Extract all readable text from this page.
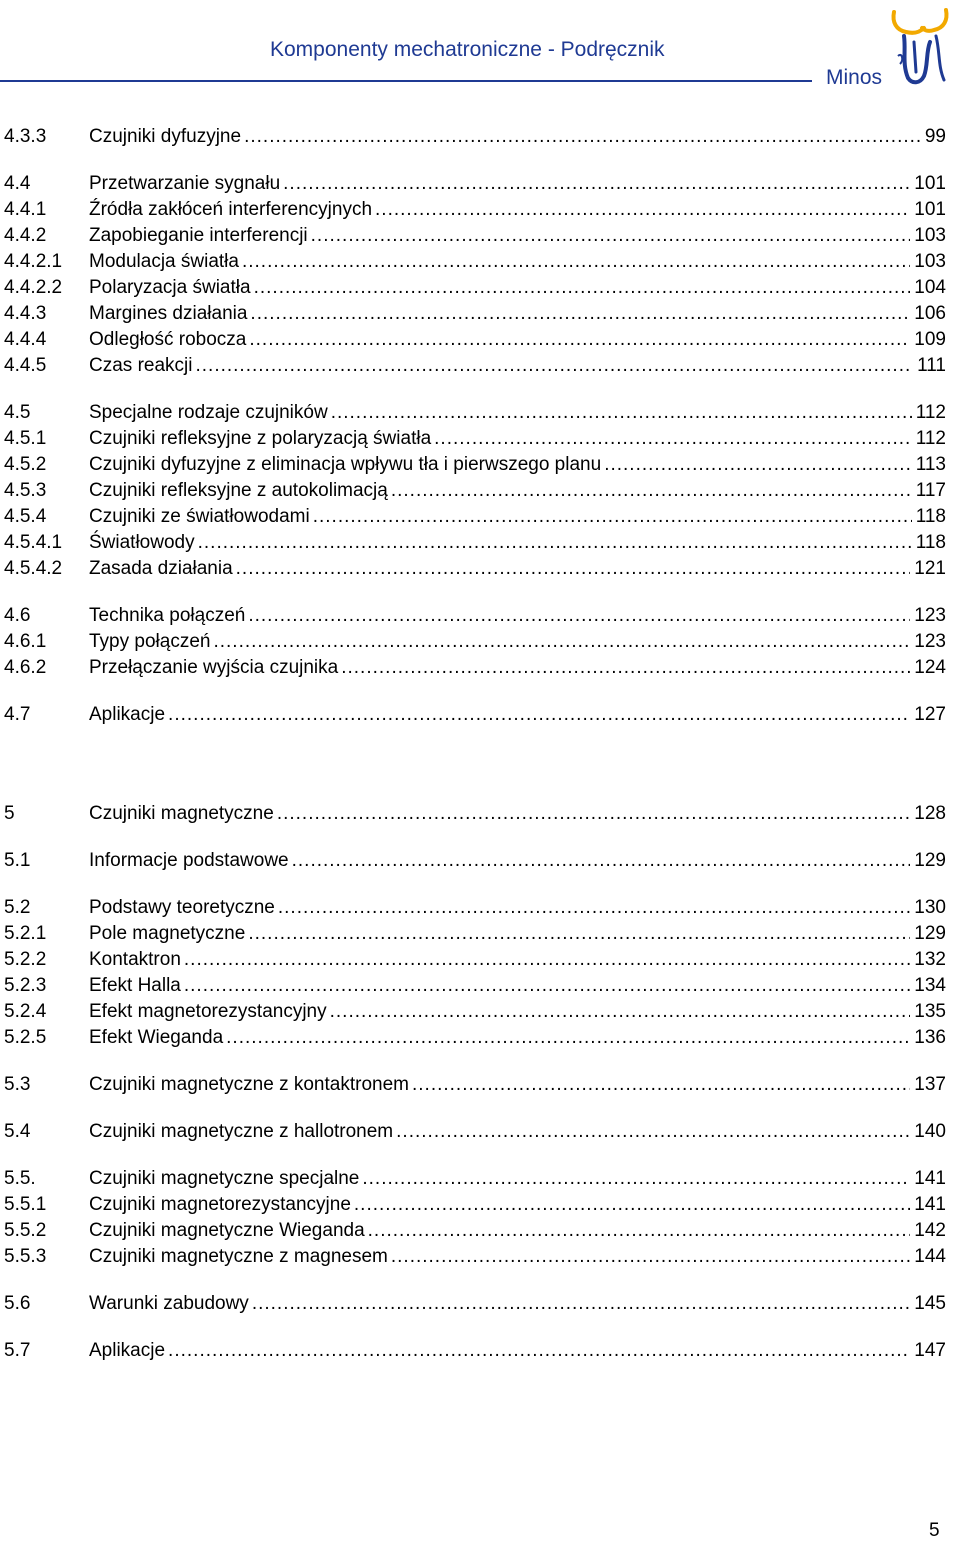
Komponenty mechatroniczne - Podręcznik
Minos
4.3.3	Czujniki dyfuzyjne .....	99
4.4	Przetwarzanie sygnału .....	101
4.4.1	Źródła zakłóceń interferencyjnych .....	101
4.4.2	Zapobieganie interferencji .....	103
4.4.2.1	Modulacja światła .....	103
4.4.2.2	Polaryzacja światła .....	104
4.4.3	Margines działania .....	106
4.4.4	Odległość robocza .....	109
4.4.5	Czas reakcji .....	111
4.5	Specjalne rodzaje czujników .....	112
4.5.1	Czujniki refleksyjne z polaryzacją światła .....	112
4.5.2	Czujniki dyfuzyjne z eliminacja wpływu tła i pierwszego planu .....	113
4.5.3	Czujniki refleksyjne z autokolimacją .....	117
4.5.4	Czujniki ze światłowodami .....	118
4.5.4.1	Światłowody .....	118
4.5.4.2	Zasada działania .....	121
4.6	Technika połączeń .....	123
4.6.1	Typy połączeń .....	123
4.6.2	Przełączanie wyjścia czujnika .....	124
4.7	Aplikacje .....	127
5	Czujniki magnetyczne .....	128
5.1	Informacje podstawowe .....	129
5.2	Podstawy teoretyczne .....	130
5.2.1	Pole magnetyczne .....	129
5.2.2	Kontaktron .....	132
5.2.3	Efekt Halla .....	134
5.2.4	Efekt magnetorezystancyjny .....	135
5.2.5	Efekt Wieganda .....	136
5.3	Czujniki magnetyczne z kontaktronem .....	137
5.4	Czujniki magnetyczne z hallotronem .....	140
5.5.	Czujniki magnetyczne specjalne .....	141
5.5.1	Czujniki magnetorezystancyjne .....	141
5.5.2	Czujniki magnetyczne Wieganda .....	142
5.5.3	Czujniki magnetyczne z magnesem .....	144
5.6	Warunki zabudowy .....	145
5.7	Aplikacje .....	147
5
